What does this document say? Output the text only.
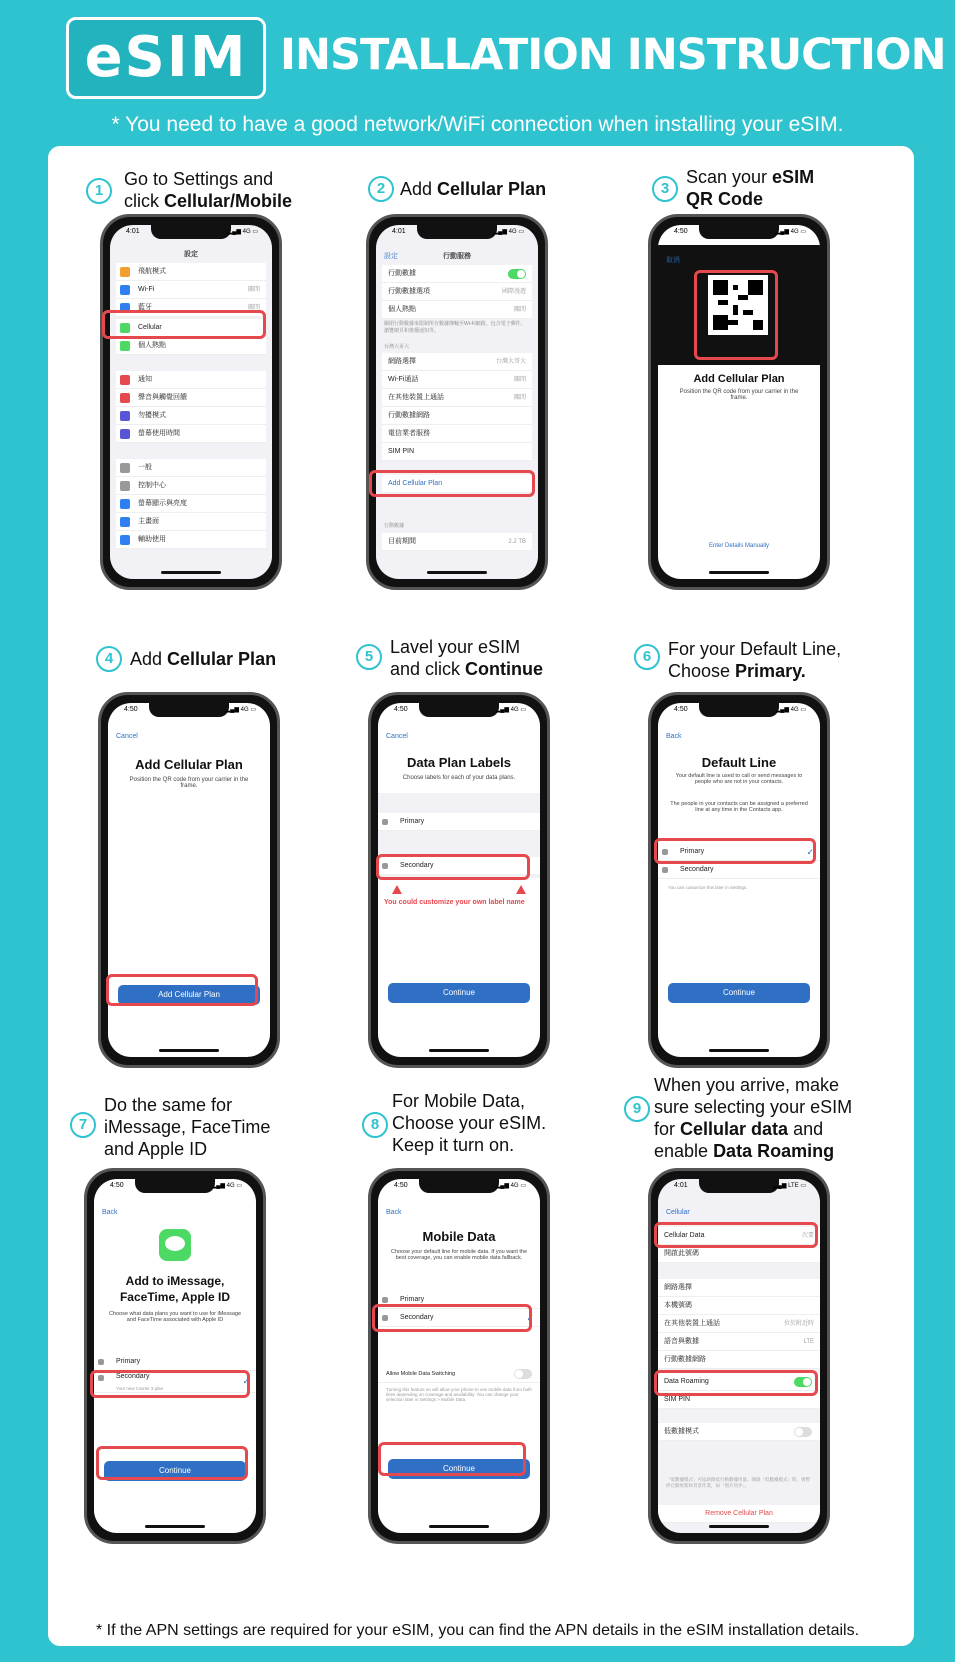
eSIM INSTALLATION INSTRUCTION
* You need to have a good network/WiFi connection when installing your eSIM.
1
Go to Settings and
click Cellular/Mobile
4:01	▂▄▆ 4G ▭
設定
飛航模式
Wi-Fi	關閉
藍牙	關閉
Cellular
個人熱點
通知
聲音與觸覺回饋
勿擾模式
螢幕使用時間
一般
控制中心
螢幕顯示與亮度
主畫面
輔助使用
2 Add Cellular Plan
4:01	▂▄▆ 4G ▭
設定	行動服務
行動數據
行動數據選項	國際漫遊
個人熱點	關閉
網路選擇	台灣大哥大
Wi-Fi通話	關閉
在其他裝置上通話	關閉
行動數據網路
電信業者服務
SIM PIN
關閉行動數據來限制所有數據傳輸至Wi-Fi網路，包含電子郵件、瀏覽網頁和推播通知等。
台灣大哥大
Add Cellular Plan
行動數據
目前期間	2.2 TB
3
Scan your eSIM
QR Code
4:50	▂▄▆ 4G ▭
取消
Add Cellular Plan
Position the QR code from your carrier in the frame.
Enter Details Manually
4 Add Cellular Plan
4:50	▂▄▆ 4G ▭
Cancel
Add Cellular Plan
Position the QR code from your carrier in the frame.
Add Cellular Plan
5 Lavel your eSIM
and click Continue
4:50	▂▄▆ 4G ▭
Cancel
Data Plan Labels
Choose labels for each of your data plans.
Primary
Secondary
You could customize your own label name
Continue
6 For your Default Line,
Choose Primary.
4:50	▂▄▆ 4G ▭
Back
Default Line
Your default line is used to call or send messages to people who are not in your contacts.
The people in your contacts can be assigned a preferred line at any time in the Contacts app.
Primary	✓
Secondary
You can customize this later in Settings.
Continue
7
Do the same for
iMessage, FaceTime
and Apple ID
4:50	▂▄▆ 4G ▭
Back
Add to iMessage, FaceTime, Apple ID
Choose what data plans you want to use for iMessage and FaceTime associated with Apple ID
Primary
Secondary
Your new Carrier 3 plan
✓
Continue
8
For Mobile Data,
Choose your eSIM.
Keep it turn on.
4:50	▂▄▆ 4G ▭
Back
Mobile Data
Choose your default line for mobile data. If you want the best coverage, you can enable mobile data fallback.
Primary
Secondary	✓
Allow Mobile Data Switching
Turning this feature on will allow your phone to use mobile data from both lines depending on coverage and availability. You can change your selection later in Settings > Mobile Data.
Continue
9
When you arrive, make
sure selecting your eSIM
for Cellular data and
enable Data Roaming
4:01	▂▄▆ LTE ▭
Cellular
Cellular Data	次要
開啟此號碼
網路選擇
本機號碼
在其他裝置上通話	位於附近時
語音與數據	LTE
行動數據網路
Data Roaming
SIM PIN
低數據模式
「低數據模式」可協助降低行動數據用量。開啟「低數據模式」時，會暫停自動更新和背景作業，如「照片同步」。
Remove Cellular Plan
* If the APN settings are required for your eSIM, you can find the APN details in the eSIM installation details.
